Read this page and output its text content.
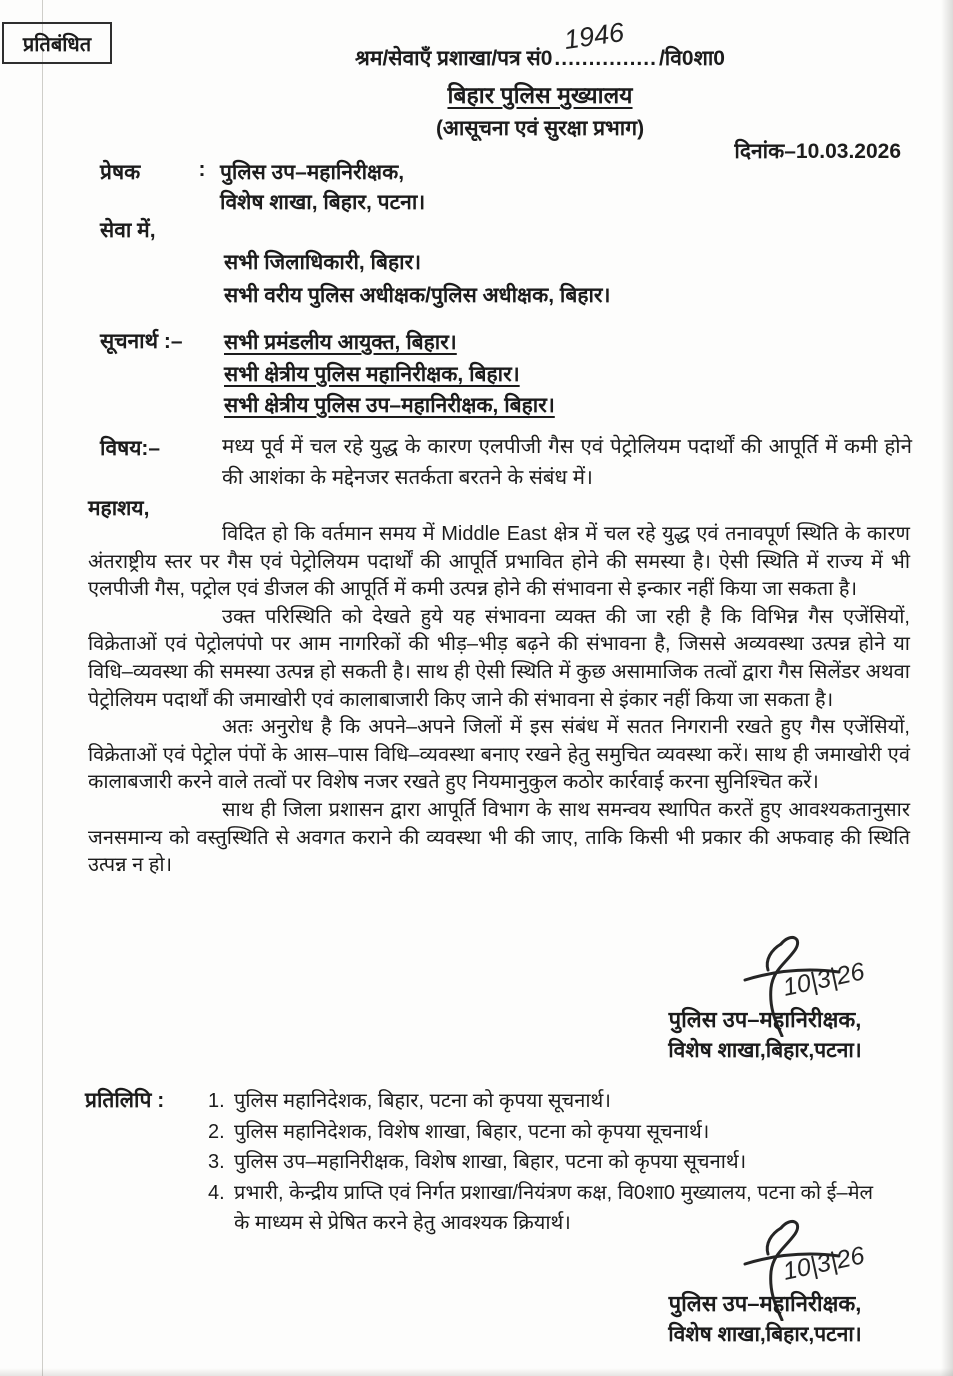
प्रतिबंधित
श्रम/सेवाएँ प्रशाखा/पत्र सं0
1946
.............../वि0शा0
बिहार पुलिस मुख्यालय
(आसूचना एवं सुरक्षा प्रभाग)
दिनांक–10.03.2026
प्रेषक	: पुलिस उप–महानिरीक्षक,
विशेष शाखा, बिहार, पटना।
सेवा में,
सभी जिलाधिकारी, बिहार।
सभी वरीय पुलिस अधीक्षक/पुलिस अधीक्षक, बिहार।
सूचनार्थ :– सभी प्रमंडलीय आयुक्त, बिहार।
सभी क्षेत्रीय पुलिस महानिरीक्षक, बिहार।
सभी क्षेत्रीय पुलिस उप–महानिरीक्षक, बिहार।
विषय:–	मध्य पूर्व में चल रहे युद्ध के कारण एलपीजी गैस एवं पेट्रोलियम पदार्थों की आपूर्ति में कमी होने की आशंका के मद्देनजर सतर्कता बरतने के संबंध में।
महाशय,

विदित हो कि वर्तमान समय में Middle East क्षेत्र में चल रहे युद्ध एवं तनावपूर्ण स्थिति के कारण अंतराष्ट्रीय स्तर पर गैस एवं पेट्रोलियम पदार्थों की आपूर्ति प्रभावित होने की समस्या है। ऐसी स्थिति में राज्य में भी एलपीजी गैस, पट्रोल एवं डीजल की आपूर्ति में कमी उत्पन्न होने की संभावना से इन्कार नहीं किया जा सकता है।

उक्त परिस्थिति को देखते हुये यह संभावना व्यक्त की जा रही है कि विभिन्न गैस एजेंसियों, विक्रेताओं एवं पेट्रोलपंपो पर आम नागरिकों की भीड़–भीड़ बढ़ने की संभावना है, जिससे अव्यवस्था उत्पन्न होने या विधि–व्यवस्था की समस्या उत्पन्न हो सकती है। साथ ही ऐसी स्थिति में कुछ असामाजिक तत्वों द्वारा गैस सिलेंडर अथवा पेट्रोलियम पदार्थों की जमाखोरी एवं कालाबाजारी किए जाने की संभावना से इंकार नहीं किया जा सकता है।

अतः अनुरोध है कि अपने–अपने जिलों में इस संबंध में सतत निगरानी रखते हुए गैस एजेंसियों, विक्रेताओं एवं पेट्रोल पंपों के आस–पास विधि–व्यवस्था बनाए रखने हेतु समुचित व्यवस्था करें। साथ ही जमाखोरी एवं कालाबजारी करने वाले तत्वों पर विशेष नजर रखते हुए नियमानुकुल कठोर कार्रवाई करना सुनिश्चित करें।

साथ ही जिला प्रशासन द्वारा आपूर्ति विभाग के साथ समन्वय स्थापित करतें हुए आवश्यकतानुसार जनसमान्य को वस्तुस्थिति से अवगत कराने की व्यवस्था भी की जाए, ताकि किसी भी प्रकार की अफवाह की स्थिति उत्पन्न न हो।

10|3|26
पुलिस उप–महानिरीक्षक,
विशेष शाखा,बिहार,पटना।
प्रतिलिपि : 1. पुलिस महानिदेशक, बिहार, पटना को कृपया सूचनार्थ।
2. पुलिस महानिदेशक, विशेष शाखा, बिहार, पटना को कृपया सूचनार्थ।
3. पुलिस उप–महानिरीक्षक, विशेष शाखा, बिहार, पटना को कृपया सूचनार्थ।
4. प्रभारी, केन्द्रीय प्राप्ति एवं निर्गत प्रशाखा/नियंत्रण कक्ष, वि0शा0 मुख्यालय, पटना को ई–मेल के माध्यम से प्रेषित करने हेतु आवश्यक क्रियार्थ।
10|3|26
पुलिस उप–महानिरीक्षक,
विशेष शाखा,बिहार,पटना।
